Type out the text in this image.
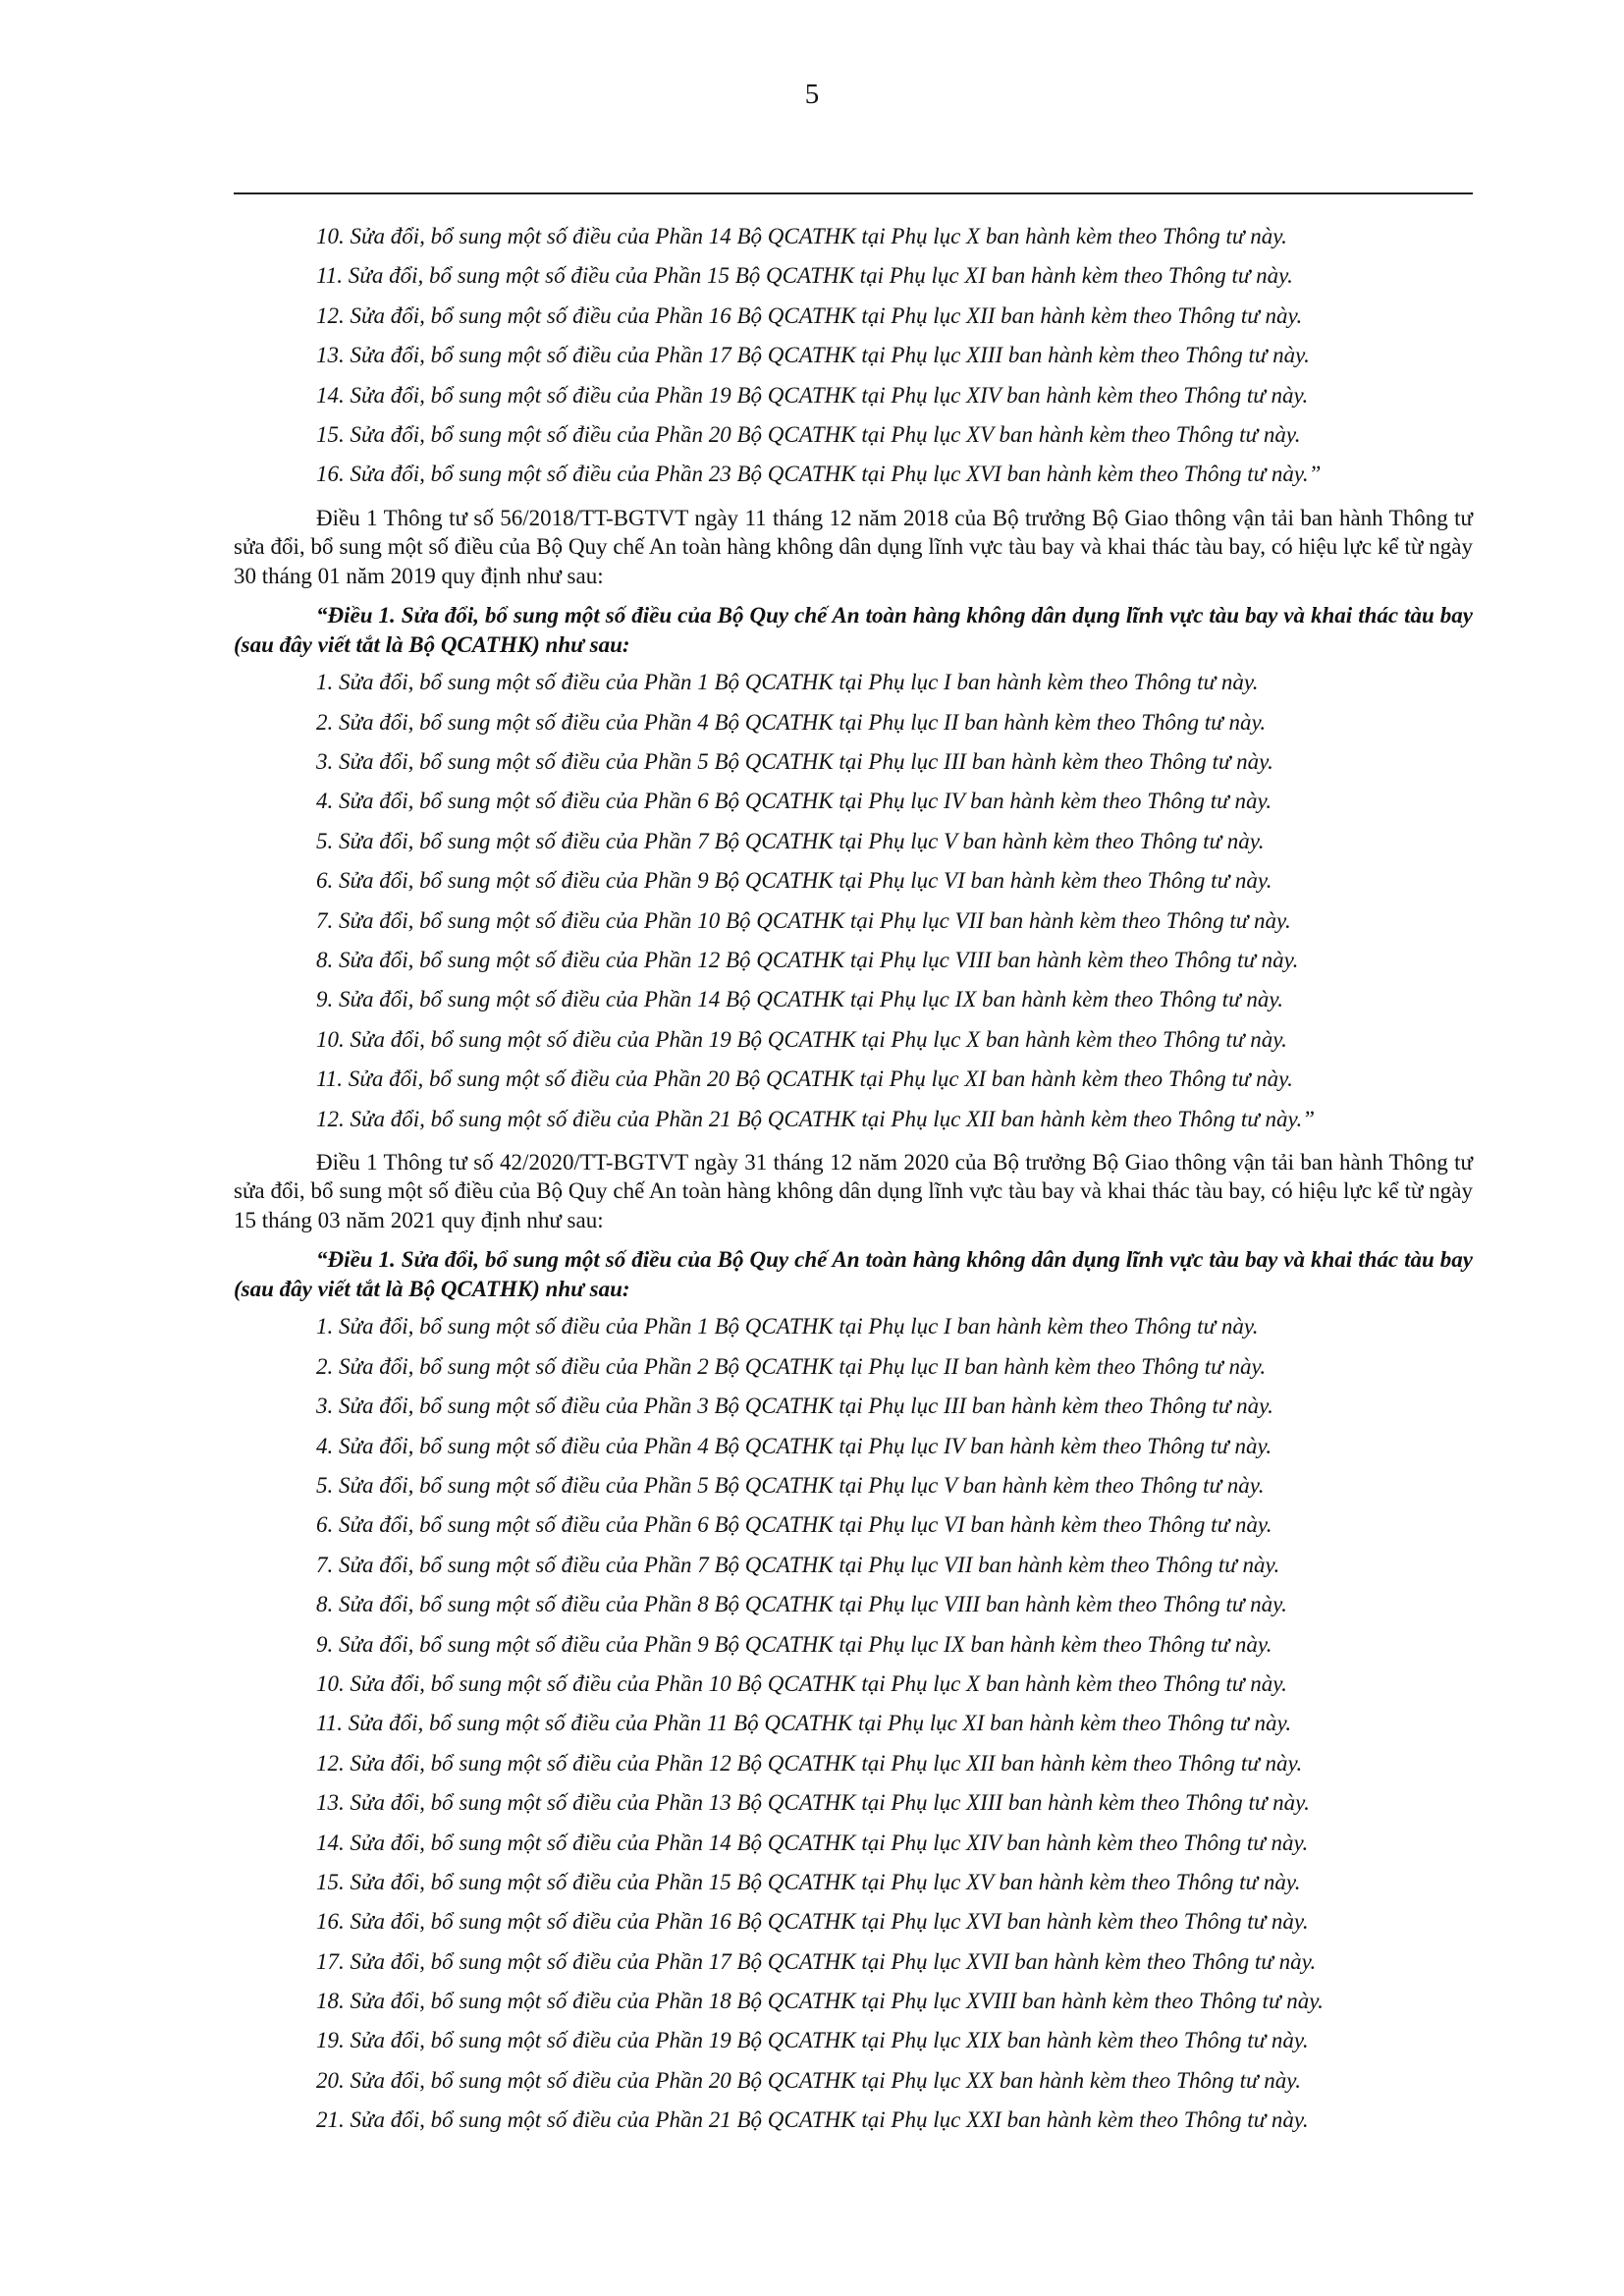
5
10. Sửa đổi, bổ sung một số điều của Phần 14 Bộ QCATHK tại Phụ lục X ban hành kèm theo Thông tư này.
11. Sửa đổi, bổ sung một số điều của Phần 15 Bộ QCATHK tại Phụ lục XI ban hành kèm theo Thông tư này.
12. Sửa đổi, bổ sung một số điều của Phần 16 Bộ QCATHK tại Phụ lục XII ban hành kèm theo Thông tư này.
13. Sửa đổi, bổ sung một số điều của Phần 17 Bộ QCATHK tại Phụ lục XIII ban hành kèm theo Thông tư này.
14. Sửa đổi, bổ sung một số điều của Phần 19 Bộ QCATHK tại Phụ lục XIV ban hành kèm theo Thông tư này.
15. Sửa đổi, bổ sung một số điều của Phần 20 Bộ QCATHK tại Phụ lục XV ban hành kèm theo Thông tư này.
16. Sửa đổi, bổ sung một số điều của Phần 23 Bộ QCATHK tại Phụ lục XVI ban hành kèm theo Thông tư này.”
Điều 1 Thông tư số 56/2018/TT-BGTVT ngày 11 tháng 12 năm 2018 của Bộ trưởng Bộ Giao thông vận tải ban hành Thông tư sửa đổi, bổ sung một số điều của Bộ Quy chế An toàn hàng không dân dụng lĩnh vực tàu bay và khai thác tàu bay, có hiệu lực kể từ ngày 30 tháng 01 năm 2019 quy định như sau:
“Điều 1. Sửa đổi, bổ sung một số điều của Bộ Quy chế An toàn hàng không dân dụng lĩnh vực tàu bay và khai thác tàu bay (sau đây viết tắt là Bộ QCATHK) như sau:
1. Sửa đổi, bổ sung một số điều của Phần 1 Bộ QCATHK tại Phụ lục I ban hành kèm theo Thông tư này.
2. Sửa đổi, bổ sung một số điều của Phần 4 Bộ QCATHK tại Phụ lục II ban hành kèm theo Thông tư này.
3. Sửa đổi, bổ sung một số điều của Phần 5 Bộ QCATHK tại Phụ lục III ban hành kèm theo Thông tư này.
4. Sửa đổi, bổ sung một số điều của Phần 6 Bộ QCATHK tại Phụ lục IV ban hành kèm theo Thông tư này.
5. Sửa đổi, bổ sung một số điều của Phần 7 Bộ QCATHK tại Phụ lục V ban hành kèm theo Thông tư này.
6. Sửa đổi, bổ sung một số điều của Phần 9 Bộ QCATHK tại Phụ lục VI ban hành kèm theo Thông tư này.
7. Sửa đổi, bổ sung một số điều của Phần 10 Bộ QCATHK tại Phụ lục VII ban hành kèm theo Thông tư này.
8. Sửa đổi, bổ sung một số điều của Phần 12 Bộ QCATHK tại Phụ lục VIII ban hành kèm theo Thông tư này.
9. Sửa đổi, bổ sung một số điều của Phần 14 Bộ QCATHK tại Phụ lục IX ban hành kèm theo Thông tư này.
10. Sửa đổi, bổ sung một số điều của Phần 19 Bộ QCATHK tại Phụ lục X ban hành kèm theo Thông tư này.
11. Sửa đổi, bổ sung một số điều của Phần 20 Bộ QCATHK tại Phụ lục XI ban hành kèm theo Thông tư này.
12. Sửa đổi, bổ sung một số điều của Phần 21 Bộ QCATHK tại Phụ lục XII ban hành kèm theo Thông tư này.”
Điều 1 Thông tư số 42/2020/TT-BGTVT ngày 31 tháng 12 năm 2020 của Bộ trưởng Bộ Giao thông vận tải ban hành Thông tư sửa đổi, bổ sung một số điều của Bộ Quy chế An toàn hàng không dân dụng lĩnh vực tàu bay và khai thác tàu bay, có hiệu lực kể từ ngày 15 tháng 03 năm 2021 quy định như sau:
“Điều 1. Sửa đổi, bổ sung một số điều của Bộ Quy chế An toàn hàng không dân dụng lĩnh vực tàu bay và khai thác tàu bay (sau đây viết tắt là Bộ QCATHK) như sau:
1. Sửa đổi, bổ sung một số điều của Phần 1 Bộ QCATHK tại Phụ lục I ban hành kèm theo Thông tư này.
2. Sửa đổi, bổ sung một số điều của Phần 2 Bộ QCATHK tại Phụ lục II ban hành kèm theo Thông tư này.
3. Sửa đổi, bổ sung một số điều của Phần 3 Bộ QCATHK tại Phụ lục III ban hành kèm theo Thông tư này.
4. Sửa đổi, bổ sung một số điều của Phần 4 Bộ QCATHK tại Phụ lục IV ban hành kèm theo Thông tư này.
5. Sửa đổi, bổ sung một số điều của Phần 5 Bộ QCATHK tại Phụ lục V ban hành kèm theo Thông tư này.
6. Sửa đổi, bổ sung một số điều của Phần 6 Bộ QCATHK tại Phụ lục VI ban hành kèm theo Thông tư này.
7. Sửa đổi, bổ sung một số điều của Phần 7 Bộ QCATHK tại Phụ lục VII ban hành kèm theo Thông tư này.
8. Sửa đổi, bổ sung một số điều của Phần 8 Bộ QCATHK tại Phụ lục VIII ban hành kèm theo Thông tư này.
9. Sửa đổi, bổ sung một số điều của Phần 9 Bộ QCATHK tại Phụ lục IX ban hành kèm theo Thông tư này.
10. Sửa đổi, bổ sung một số điều của Phần 10 Bộ QCATHK tại Phụ lục X ban hành kèm theo Thông tư này.
11. Sửa đổi, bổ sung một số điều của Phần 11 Bộ QCATHK tại Phụ lục XI ban hành kèm theo Thông tư này.
12. Sửa đổi, bổ sung một số điều của Phần 12 Bộ QCATHK tại Phụ lục XII ban hành kèm theo Thông tư này.
13. Sửa đổi, bổ sung một số điều của Phần 13 Bộ QCATHK tại Phụ lục XIII ban hành kèm theo Thông tư này.
14. Sửa đổi, bổ sung một số điều của Phần 14 Bộ QCATHK tại Phụ lục XIV ban hành kèm theo Thông tư này.
15. Sửa đổi, bổ sung một số điều của Phần 15 Bộ QCATHK tại Phụ lục XV ban hành kèm theo Thông tư này.
16. Sửa đổi, bổ sung một số điều của Phần 16 Bộ QCATHK tại Phụ lục XVI ban hành kèm theo Thông tư này.
17. Sửa đổi, bổ sung một số điều của Phần 17 Bộ QCATHK tại Phụ lục XVII ban hành kèm theo Thông tư này.
18. Sửa đổi, bổ sung một số điều của Phần 18 Bộ QCATHK tại Phụ lục XVIII ban hành kèm theo Thông tư này.
19. Sửa đổi, bổ sung một số điều của Phần 19 Bộ QCATHK tại Phụ lục XIX ban hành kèm theo Thông tư này.
20. Sửa đổi, bổ sung một số điều của Phần 20 Bộ QCATHK tại Phụ lục XX ban hành kèm theo Thông tư này.
21. Sửa đổi, bổ sung một số điều của Phần 21 Bộ QCATHK tại Phụ lục XXI ban hành kèm theo Thông tư này.
